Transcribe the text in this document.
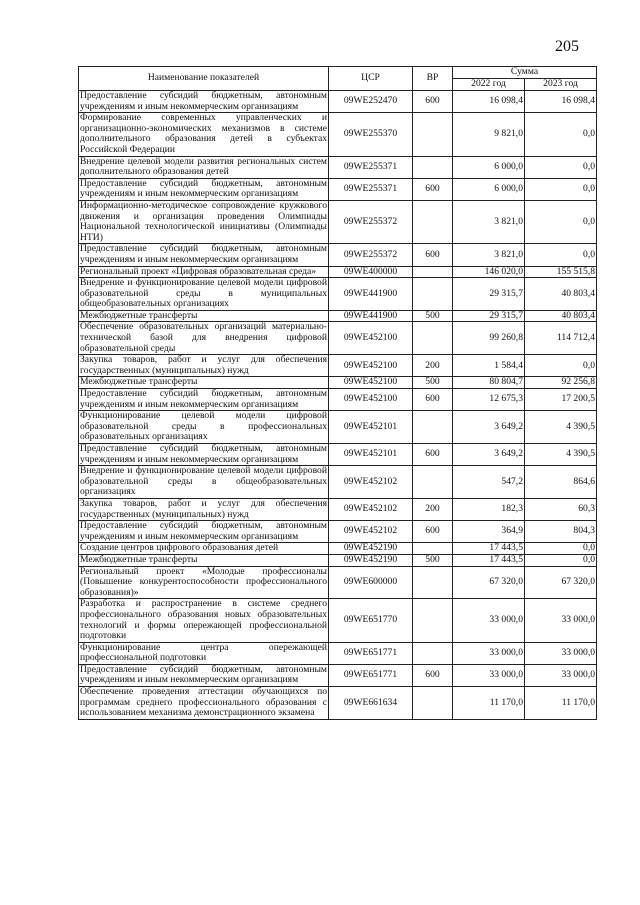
205
Наименование показателей	ЦСР	ВР	Сумма	
			2022 год	2023 год
Предоставление субсидий бюджетным, автономным учреждениям и иным некоммерческим организациям	09WE252470	600	16 098,4	16 098,4
Формирование современных управленческих и организационно-экономических механизмов в системе дополнительного образования детей в субъектах Российской Федерации	09WE255370		9 821,0	0,0
Внедрение целевой модели развития региональных систем дополнительного образования детей	09WE255371		6 000,0	0,0
Предоставление субсидий бюджетным, автономным учреждениям и иным некоммерческим организациям	09WE255371	600	6 000,0	0,0
Информационно-методическое сопровождение кружкового движения и организация проведения Олимпиады Национальной технологической инициативы (Олимпиады НТИ)	09WE255372		3 821,0	0,0
Предоставление субсидий бюджетным, автономным учреждениям и иным некоммерческим организациям	09WE255372	600	3 821,0	0,0
Региональный проект «Цифровая образовательная среда»	09WE400000		146 020,0	155 515,8
Внедрение и функционирование целевой модели цифровой образовательной среды в муниципальных общеобразовательных организациях	09WE441900		29 315,7	40 803,4
Межбюджетные трансферты	09WE441900	500	29 315,7	40 803,4
Обеспечение образовательных организаций материально-технической базой для внедрения цифровой образовательной среды	09WE452100		99 260,8	114 712,4
Закупка товаров, работ и услуг для обеспечения государственных (муниципальных) нужд	09WE452100	200	1 584,4	0,0
Межбюджетные трансферты	09WE452100	500	80 804,7	92 256,8
Предоставление субсидий бюджетным, автономным учреждениям и иным некоммерческим организациям	09WE452100	600	12 675,3	17 200,5
Функционирование целевой модели цифровой образовательной среды в профессиональных образовательных организациях	09WE452101		3 649,2	4 390,5
Предоставление субсидий бюджетным, автономным учреждениям и иным некоммерческим организациям	09WE452101	600	3 649,2	4 390,5
Внедрение и функционирование целевой модели цифровой образовательной среды в общеобразовательных организациях	09WE452102		547,2	864,6
Закупка товаров, работ и услуг для обеспечения государственных (муниципальных) нужд	09WE452102	200	182,3	60,3
Предоставление субсидий бюджетным, автономным учреждениям и иным некоммерческим организациям	09WE452102	600	364,9	804,3
Создание центров цифрового образования детей	09WE452190		17 443,5	0,0
Межбюджетные трансферты	09WE452190	500	17 443,5	0,0
Региональный проект «Молодые профессионалы (Повышение конкурентоспособности профессионального образования)»	09WE600000		67 320,0	67 320,0
Разработка и распространение в системе среднего профессионального образования новых образовательных технологий и формы опережающей профессиональной подготовки	09WE651770		33 000,0	33 000,0
Функционирование центра опережающей профессиональной подготовки	09WE651771		33 000,0	33 000,0
Предоставление субсидий бюджетным, автономным учреждениям и иным некоммерческим организациям	09WE651771	600	33 000,0	33 000,0
Обеспечение проведения аттестации обучающихся по программам среднего профессионального образования с использованием механизма демонстрационного экзамена	09WE661634		11 170,0	11 170,0
